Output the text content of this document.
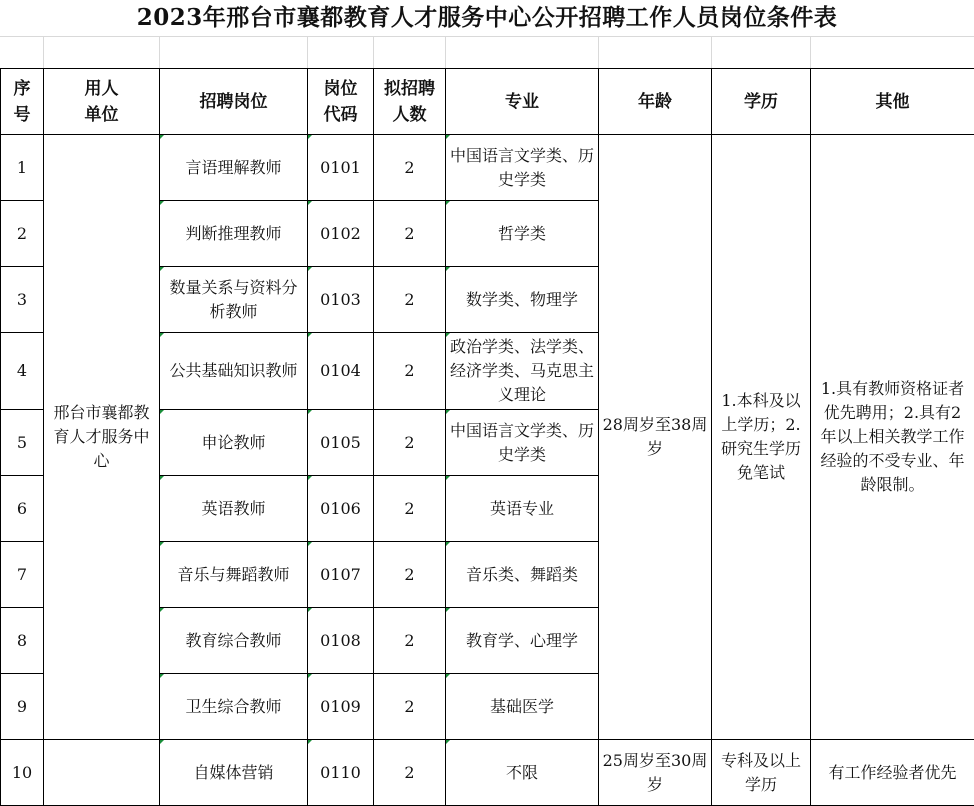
2023年邢台市襄都教育人才服务中心公开招聘工作人员岗位条件表
序号	用人单位	招聘岗位	岗位代码	拟招聘人数	专业	年龄	学历	其他
1	邢台市襄都教育人才服务中心	言语理解教师	0101	2	中国语言文学类、历史学类	28周岁至38周岁	1.本科及以上学历；2.研究生学历免笔试	1.具有教师资格证者优先聘用；2.具有2年以上相关教学工作经验的不受专业、年龄限制。
2		判断推理教师	0102	2	哲学类			
3		数量关系与资料分析教师	0103	2	数学类、物理学			
4		公共基础知识教师	0104	2	政治学类、法学类、经济学类、马克思主义理论			
5		申论教师	0105	2	中国语言文学类、历史学类			
6		英语教师	0106	2	英语专业			
7		音乐与舞蹈教师	0107	2	音乐类、舞蹈类			
8		教育综合教师	0108	2	教育学、心理学			
9		卫生综合教师	0109	2	基础医学			
10		自媒体营销	0110	2	不限	25周岁至30周岁	专科及以上学历	有工作经验者优先
